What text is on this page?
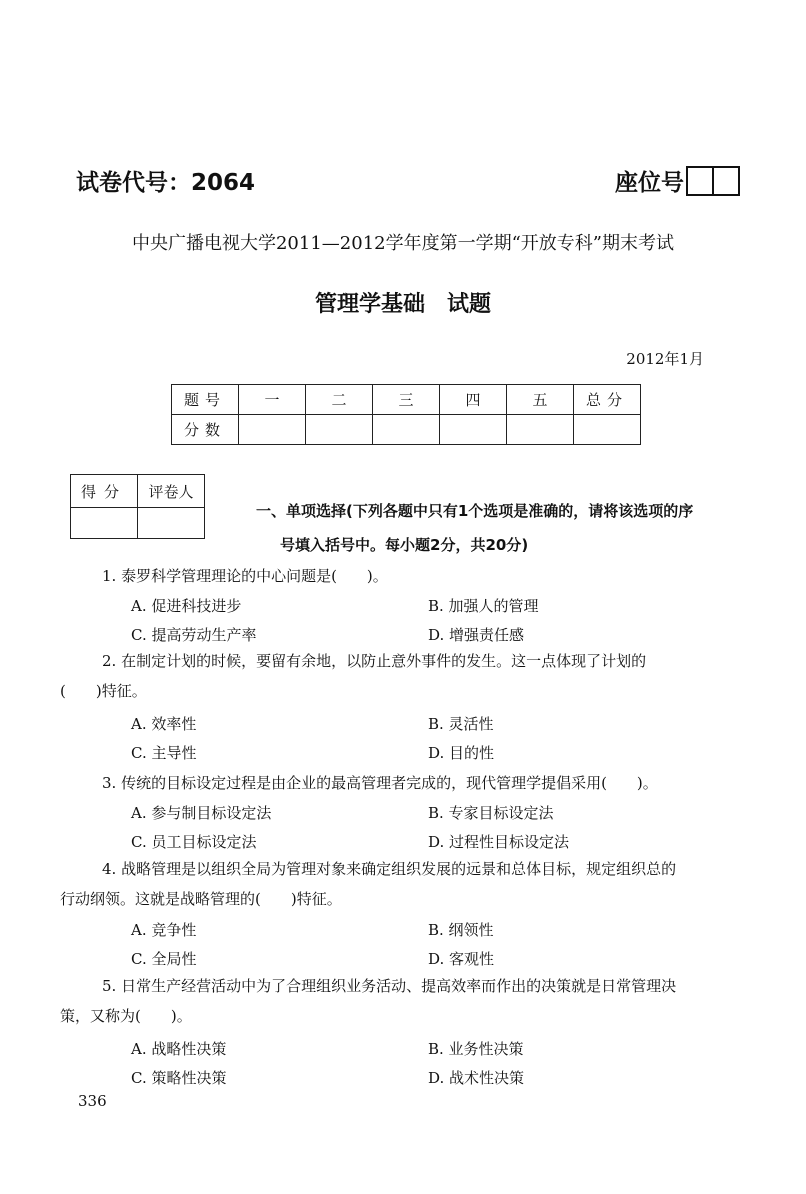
试卷代号：2064	座位号
中央广播电视大学2011—2012学年度第一学期“开放专科”期末考试
管理学基础 试题
2012年1月
题号	一	二	三	四	五	总分
分数						
得分	评卷人

一、单项选择(下列各题中只有1个选项是准确的，请将该选项的序
号填入括号中。每小题2分，共20分)
1. 泰罗科学管理理论的中心问题是(　　)。
A. 促进科技进步	B. 加强人的管理
C. 提高劳动生产率	D. 增强责任感
2. 在制定计划的时候，要留有余地，以防止意外事件的发生。这一点体现了计划的
(　　)特征。
A. 效率性	B. 灵活性
C. 主导性	D. 目的性
3. 传统的目标设定过程是由企业的最高管理者完成的，现代管理学提倡采用(　　)。
A. 参与制目标设定法	B. 专家目标设定法
C. 员工目标设定法	D. 过程性目标设定法
4. 战略管理是以组织全局为管理对象来确定组织发展的远景和总体目标，规定组织总的
行动纲领。这就是战略管理的(　　)特征。
A. 竞争性	B. 纲领性
C. 全局性	D. 客观性
5. 日常生产经营活动中为了合理组织业务活动、提高效率而作出的决策就是日常管理决
策，又称为(　　)。
A. 战略性决策	B. 业务性决策
C. 策略性决策	D. 战术性决策
336
